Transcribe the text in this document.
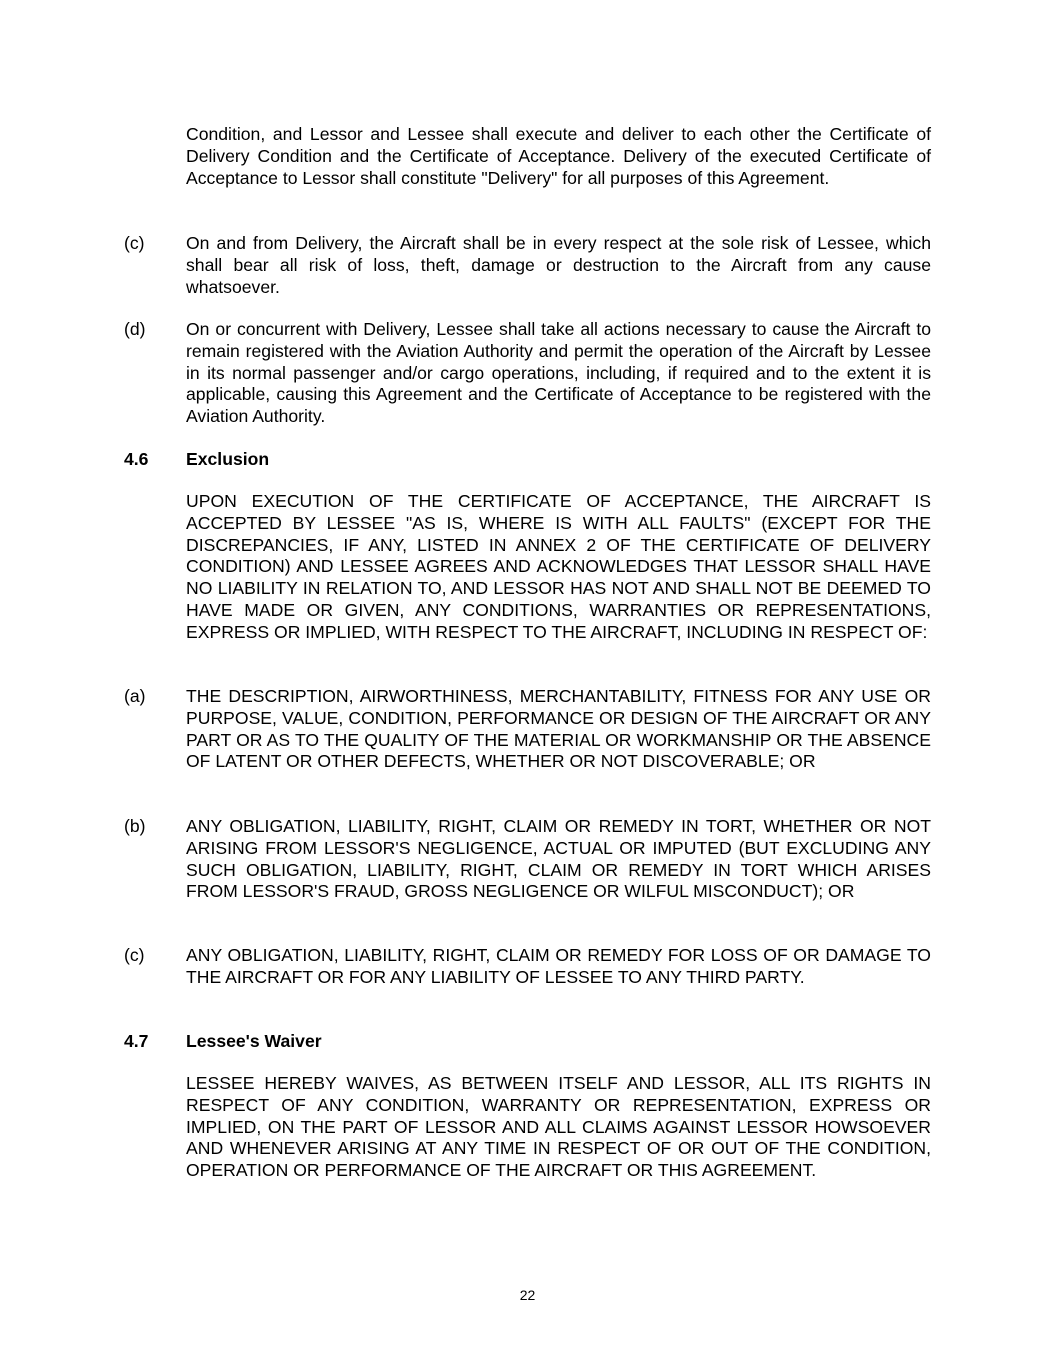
Condition, and Lessor and Lessee shall execute and deliver to each other the Certificate of Delivery Condition and the Certificate of Acceptance. Delivery of the executed Certificate of Acceptance to Lessor shall constitute "Delivery" for all purposes of this Agreement.

(c) On and from Delivery, the Aircraft shall be in every respect at the sole risk of Lessee, which shall bear all risk of loss, theft, damage or destruction to the Aircraft from any cause whatsoever.

(d) On or concurrent with Delivery, Lessee shall take all actions necessary to cause the Aircraft to remain registered with the Aviation Authority and permit the operation of the Aircraft by Lessee in its normal passenger and/or cargo operations, including, if required and to the extent it is applicable, causing this Agreement and the Certificate of Acceptance to be registered with the Aviation Authority.

4.6 Exclusion

UPON EXECUTION OF THE CERTIFICATE OF ACCEPTANCE, THE AIRCRAFT IS ACCEPTED BY LESSEE "AS IS, WHERE IS WITH ALL FAULTS" (EXCEPT FOR THE DISCREPANCIES, IF ANY, LISTED IN ANNEX 2 OF THE CERTIFICATE OF DELIVERY CONDITION) AND LESSEE AGREES AND ACKNOWLEDGES THAT LESSOR SHALL HAVE NO LIABILITY IN RELATION TO, AND LESSOR HAS NOT AND SHALL NOT BE DEEMED TO HAVE MADE OR GIVEN, ANY CONDITIONS, WARRANTIES OR REPRESENTATIONS, EXPRESS OR IMPLIED, WITH RESPECT TO THE AIRCRAFT, INCLUDING IN RESPECT OF:

(a) THE DESCRIPTION, AIRWORTHINESS, MERCHANTABILITY, FITNESS FOR ANY USE OR PURPOSE, VALUE, CONDITION, PERFORMANCE OR DESIGN OF THE AIRCRAFT OR ANY PART OR AS TO THE QUALITY OF THE MATERIAL OR WORKMANSHIP OR THE ABSENCE OF LATENT OR OTHER DEFECTS, WHETHER OR NOT DISCOVERABLE; OR

(b) ANY OBLIGATION, LIABILITY, RIGHT, CLAIM OR REMEDY IN TORT, WHETHER OR NOT ARISING FROM LESSOR'S NEGLIGENCE, ACTUAL OR IMPUTED (BUT EXCLUDING ANY SUCH OBLIGATION, LIABILITY, RIGHT, CLAIM OR REMEDY IN TORT WHICH ARISES FROM LESSOR'S FRAUD, GROSS NEGLIGENCE OR WILFUL MISCONDUCT); OR

(c) ANY OBLIGATION, LIABILITY, RIGHT, CLAIM OR REMEDY FOR LOSS OF OR DAMAGE TO THE AIRCRAFT OR FOR ANY LIABILITY OF LESSEE TO ANY THIRD PARTY.

4.7 Lessee's Waiver

LESSEE HEREBY WAIVES, AS BETWEEN ITSELF AND LESSOR, ALL ITS RIGHTS IN RESPECT OF ANY CONDITION, WARRANTY OR REPRESENTATION, EXPRESS OR IMPLIED, ON THE PART OF LESSOR AND ALL CLAIMS AGAINST LESSOR HOWSOEVER AND WHENEVER ARISING AT ANY TIME IN RESPECT OF OR OUT OF THE CONDITION, OPERATION OR PERFORMANCE OF THE AIRCRAFT OR THIS AGREEMENT.

22
